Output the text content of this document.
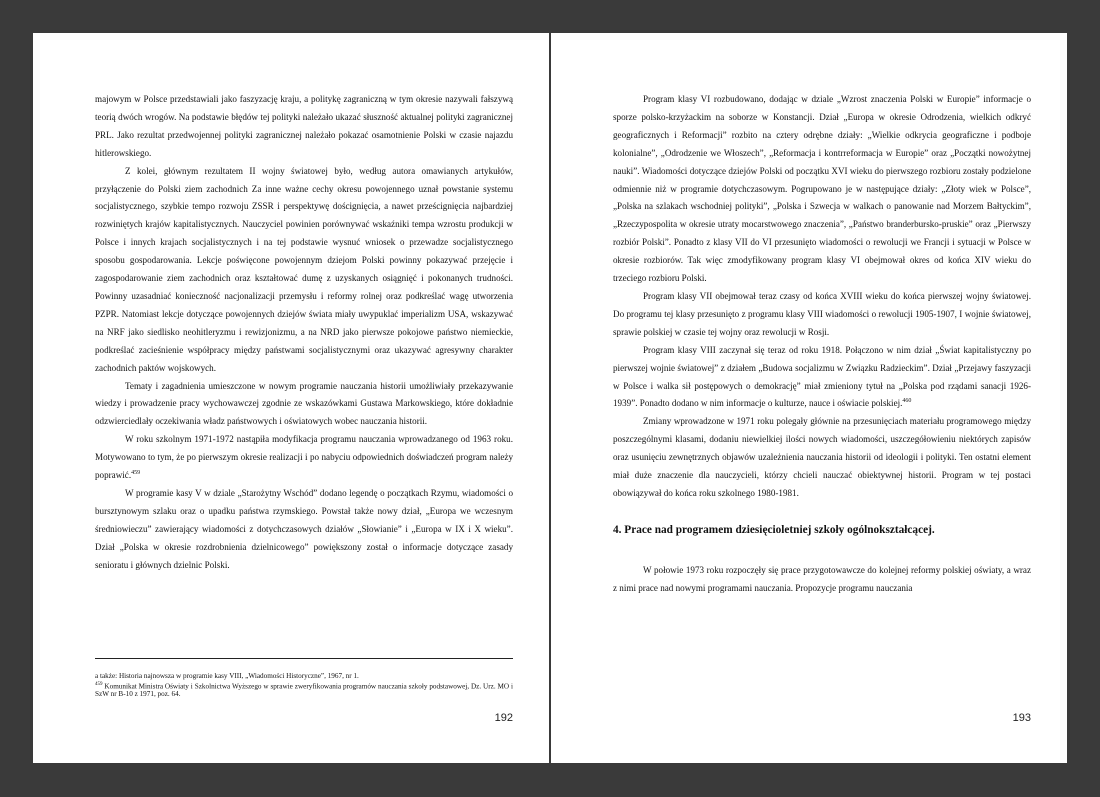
majowym w Polsce przedstawiali jako faszyzację kraju, a politykę zagraniczną w tym okresie nazywali fałszywą teorią dwóch wrogów. Na podstawie błędów tej polityki należało ukazać słuszność aktualnej polityki zagranicznej PRL. Jako rezultat przedwojennej polityki zagranicznej należało pokazać osamotnienie Polski w czasie najazdu hitlerowskiego.

Z kolei, głównym rezultatem II wojny światowej było, według autora omawianych artykułów, przyłączenie do Polski ziem zachodnich Za inne ważne cechy okresu powojennego uznał powstanie systemu socjalistycznego, szybkie tempo rozwoju ZSSR i perspektywę doścignięcia, a nawet prześcignięcia najbardziej rozwiniętych krajów kapitalistycznych. Nauczyciel powinien porównywać wskaźniki tempa wzrostu produkcji w Polsce i innych krajach socjalistycznych i na tej podstawie wysnuć wniosek o przewadze socjalistycznego sposobu gospodarowania. Lekcje poświęcone powojennym dziejom Polski powinny pokazywać przejęcie i zagospodarowanie ziem zachodnich oraz kształtować dumę z uzyskanych osiągnięć i pokonanych trudności. Powinny uzasadniać konieczność nacjonalizacji przemysłu i reformy rolnej oraz podkreślać wagę utworzenia PZPR. Natomiast lekcje dotyczące powojennych dziejów świata miały uwypuklać imperializm USA, wskazywać na NRF jako siedlisko neohitleryzmu i rewizjonizmu, a na NRD jako pierwsze pokojowe państwo niemieckie, podkreślać zacieśnienie współpracy między państwami socjalistycznymi oraz ukazywać agresywny charakter zachodnich paktów wojskowych.

Tematy i zagadnienia umieszczone w nowym programie nauczania historii umożliwiały przekazywanie wiedzy i prowadzenie pracy wychowawczej zgodnie ze wskazówkami Gustawa Markowskiego, które dokładnie odzwierciedlały oczekiwania władz państwowych i oświatowych wobec nauczania historii.

W roku szkolnym 1971-1972 nastąpiła modyfikacja programu nauczania wprowadzanego od 1963 roku. Motywowano to tym, że po pierwszym okresie realizacji i po nabyciu odpowiednich doświadczeń program należy poprawić.$^{459}$

W programie kasy V w dziale „Starożytny Wschód” dodano legendę o początkach Rzymu, wiadomości o bursztynowym szlaku oraz o upadku państwa rzymskiego. Powstał także nowy dział, „Europa we wczesnym średniowieczu” zawierający wiadomości z dotychczasowych działów „Słowianie” i „Europa w IX i X wieku”. Dział „Polska w okresie rozdrobnienia dzielnicowego” powiększony został o informacje dotyczące zasady senioratu i głównych dzielnic Polski.

a także: Historia najnowsza w programie kasy VIII, „Wiadomości Historyczne”, 1967, nr 1.
$^{459}$ Komunikat Ministra Oświaty i Szkolnictwa Wyższego w sprawie zweryfikowania programów nauczania szkoły podstawowej, Dz. Urz. MO i SzW nr B-10 z 1971, poz. 64.
192

Program klasy VI rozbudowano, dodając w dziale „Wzrost znaczenia Polski w Europie” informacje o sporze polsko-krzyżackim na soborze w Konstancji. Dział „Europa w okresie Odrodzenia, wielkich odkryć geograficznych i Reformacji” rozbito na cztery odrębne działy: „Wielkie odkrycia geograficzne i podboje kolonialne”, „Odrodzenie we Włoszech”, „Reformacja i kontrreformacja w Europie” oraz „Początki nowożytnej nauki”. Wiadomości dotyczące dziejów Polski od początku XVI wieku do pierwszego rozbioru zostały podzielone odmiennie niż w programie dotychczasowym. Pogrupowano je w następujące działy: „Złoty wiek w Polsce”, „Polska na szlakach wschodniej polityki”, „Polska i Szwecja w walkach o panowanie nad Morzem Bałtyckim”, „Rzeczypospolita w okresie utraty mocarstwowego znaczenia”, „Państwo branderbursko-pruskie” oraz „Pierwszy rozbiór Polski”. Ponadto z klasy VII do VI przesunięto wiadomości o rewolucji we Francji i sytuacji w Polsce w okresie rozbiorów. Tak więc zmodyfikowany program klasy VI obejmował okres od końca XIV wieku do trzeciego rozbioru Polski.

Program klasy VII obejmował teraz czasy od końca XVIII wieku do końca pierwszej wojny światowej. Do programu tej klasy przesunięto z programu klasy VIII wiadomości o rewolucji 1905-1907, I wojnie światowej, sprawie polskiej w czasie tej wojny oraz rewolucji w Rosji.

Program klasy VIII zaczynał się teraz od roku 1918. Połączono w nim dział „Świat kapitalistyczny po pierwszej wojnie światowej” z działem „Budowa socjalizmu w Związku Radzieckim”. Dział „Przejawy faszyzacji w Polsce i walka sił postępowych o demokrację” miał zmieniony tytuł na „Polska pod rządami sanacji 1926-1939”. Ponadto dodano w nim informacje o kulturze, nauce i oświacie polskiej.$^{460}$

Zmiany wprowadzone w 1971 roku polegały głównie na przesunięciach materiału programowego między poszczególnymi klasami, dodaniu niewielkiej ilości nowych wiadomości, uszczegółowieniu niektórych zapisów oraz usunięciu zewnętrznych objawów uzależnienia nauczania historii od ideologii i polityki. Ten ostatni element miał duże znaczenie dla nauczycieli, którzy chcieli nauczać obiektywnej historii. Program w tej postaci obowiązywał do końca roku szkolnego 1980-1981.

4. Prace nad programem dziesięcioletniej szkoły ogólnokształcącej.

W połowie 1973 roku rozpoczęły się prace przygotowawcze do kolejnej reformy polskiej oświaty, a wraz z nimi prace nad nowymi programami nauczania. Propozycje programu nauczania

193
